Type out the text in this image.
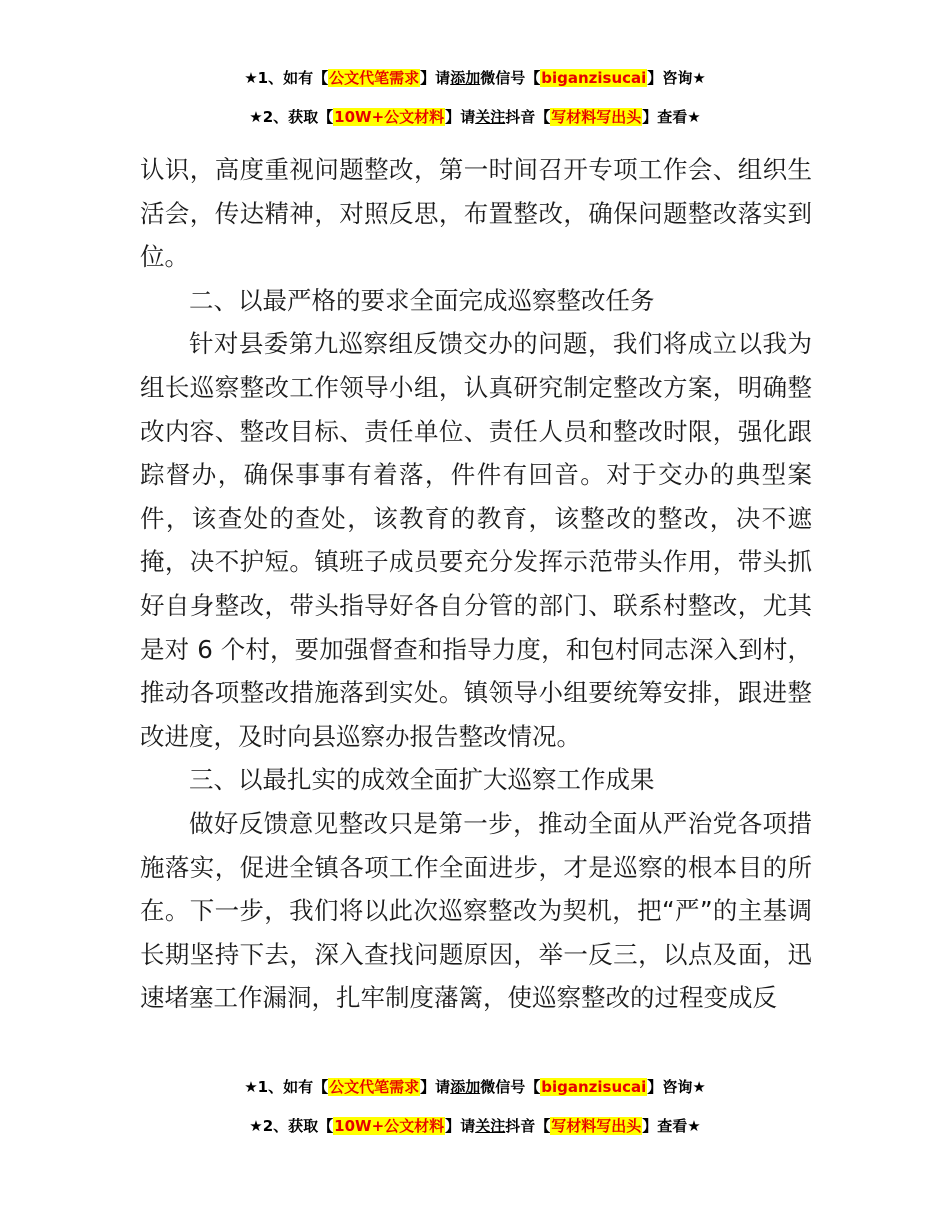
★1、如有【公文代笔需求】请添加微信号【biganzisucai】咨询★
★2、获取【10W+公文材料】请关注抖音【写材料写出头】查看★

认识，高度重视问题整改，第一时间召开专项工作会、组织生活会，传达精神，对照反思，布置整改，确保问题整改落实到位。

二、以最严格的要求全面完成巡察整改任务

针对县委第九巡察组反馈交办的问题，我们将成立以我为组长巡察整改工作领导小组，认真研究制定整改方案，明确整改内容、整改目标、责任单位、责任人员和整改时限，强化跟踪督办，确保事事有着落，件件有回音。对于交办的典型案件，该查处的查处，该教育的教育，该整改的整改，决不遮掩，决不护短。镇班子成员要充分发挥示范带头作用，带头抓好自身整改，带头指导好各自分管的部门、联系村整改，尤其是对 6 个村，要加强督查和指导力度，和包村同志深入到村，推动各项整改措施落到实处。镇领导小组要统筹安排，跟进整改进度，及时向县巡察办报告整改情况。

三、以最扎实的成效全面扩大巡察工作成果

做好反馈意见整改只是第一步，推动全面从严治党各项措施落实，促进全镇各项工作全面进步，才是巡察的根本目的所在。下一步，我们将以此次巡察整改为契机，把“严”的主基调长期坚持下去，深入查找问题原因，举一反三，以点及面，迅速堵塞工作漏洞，扎牢制度藩篱，使巡察整改的过程变成反

★1、如有【公文代笔需求】请添加微信号【biganzisucai】咨询★
★2、获取【10W+公文材料】请关注抖音【写材料写出头】查看★
